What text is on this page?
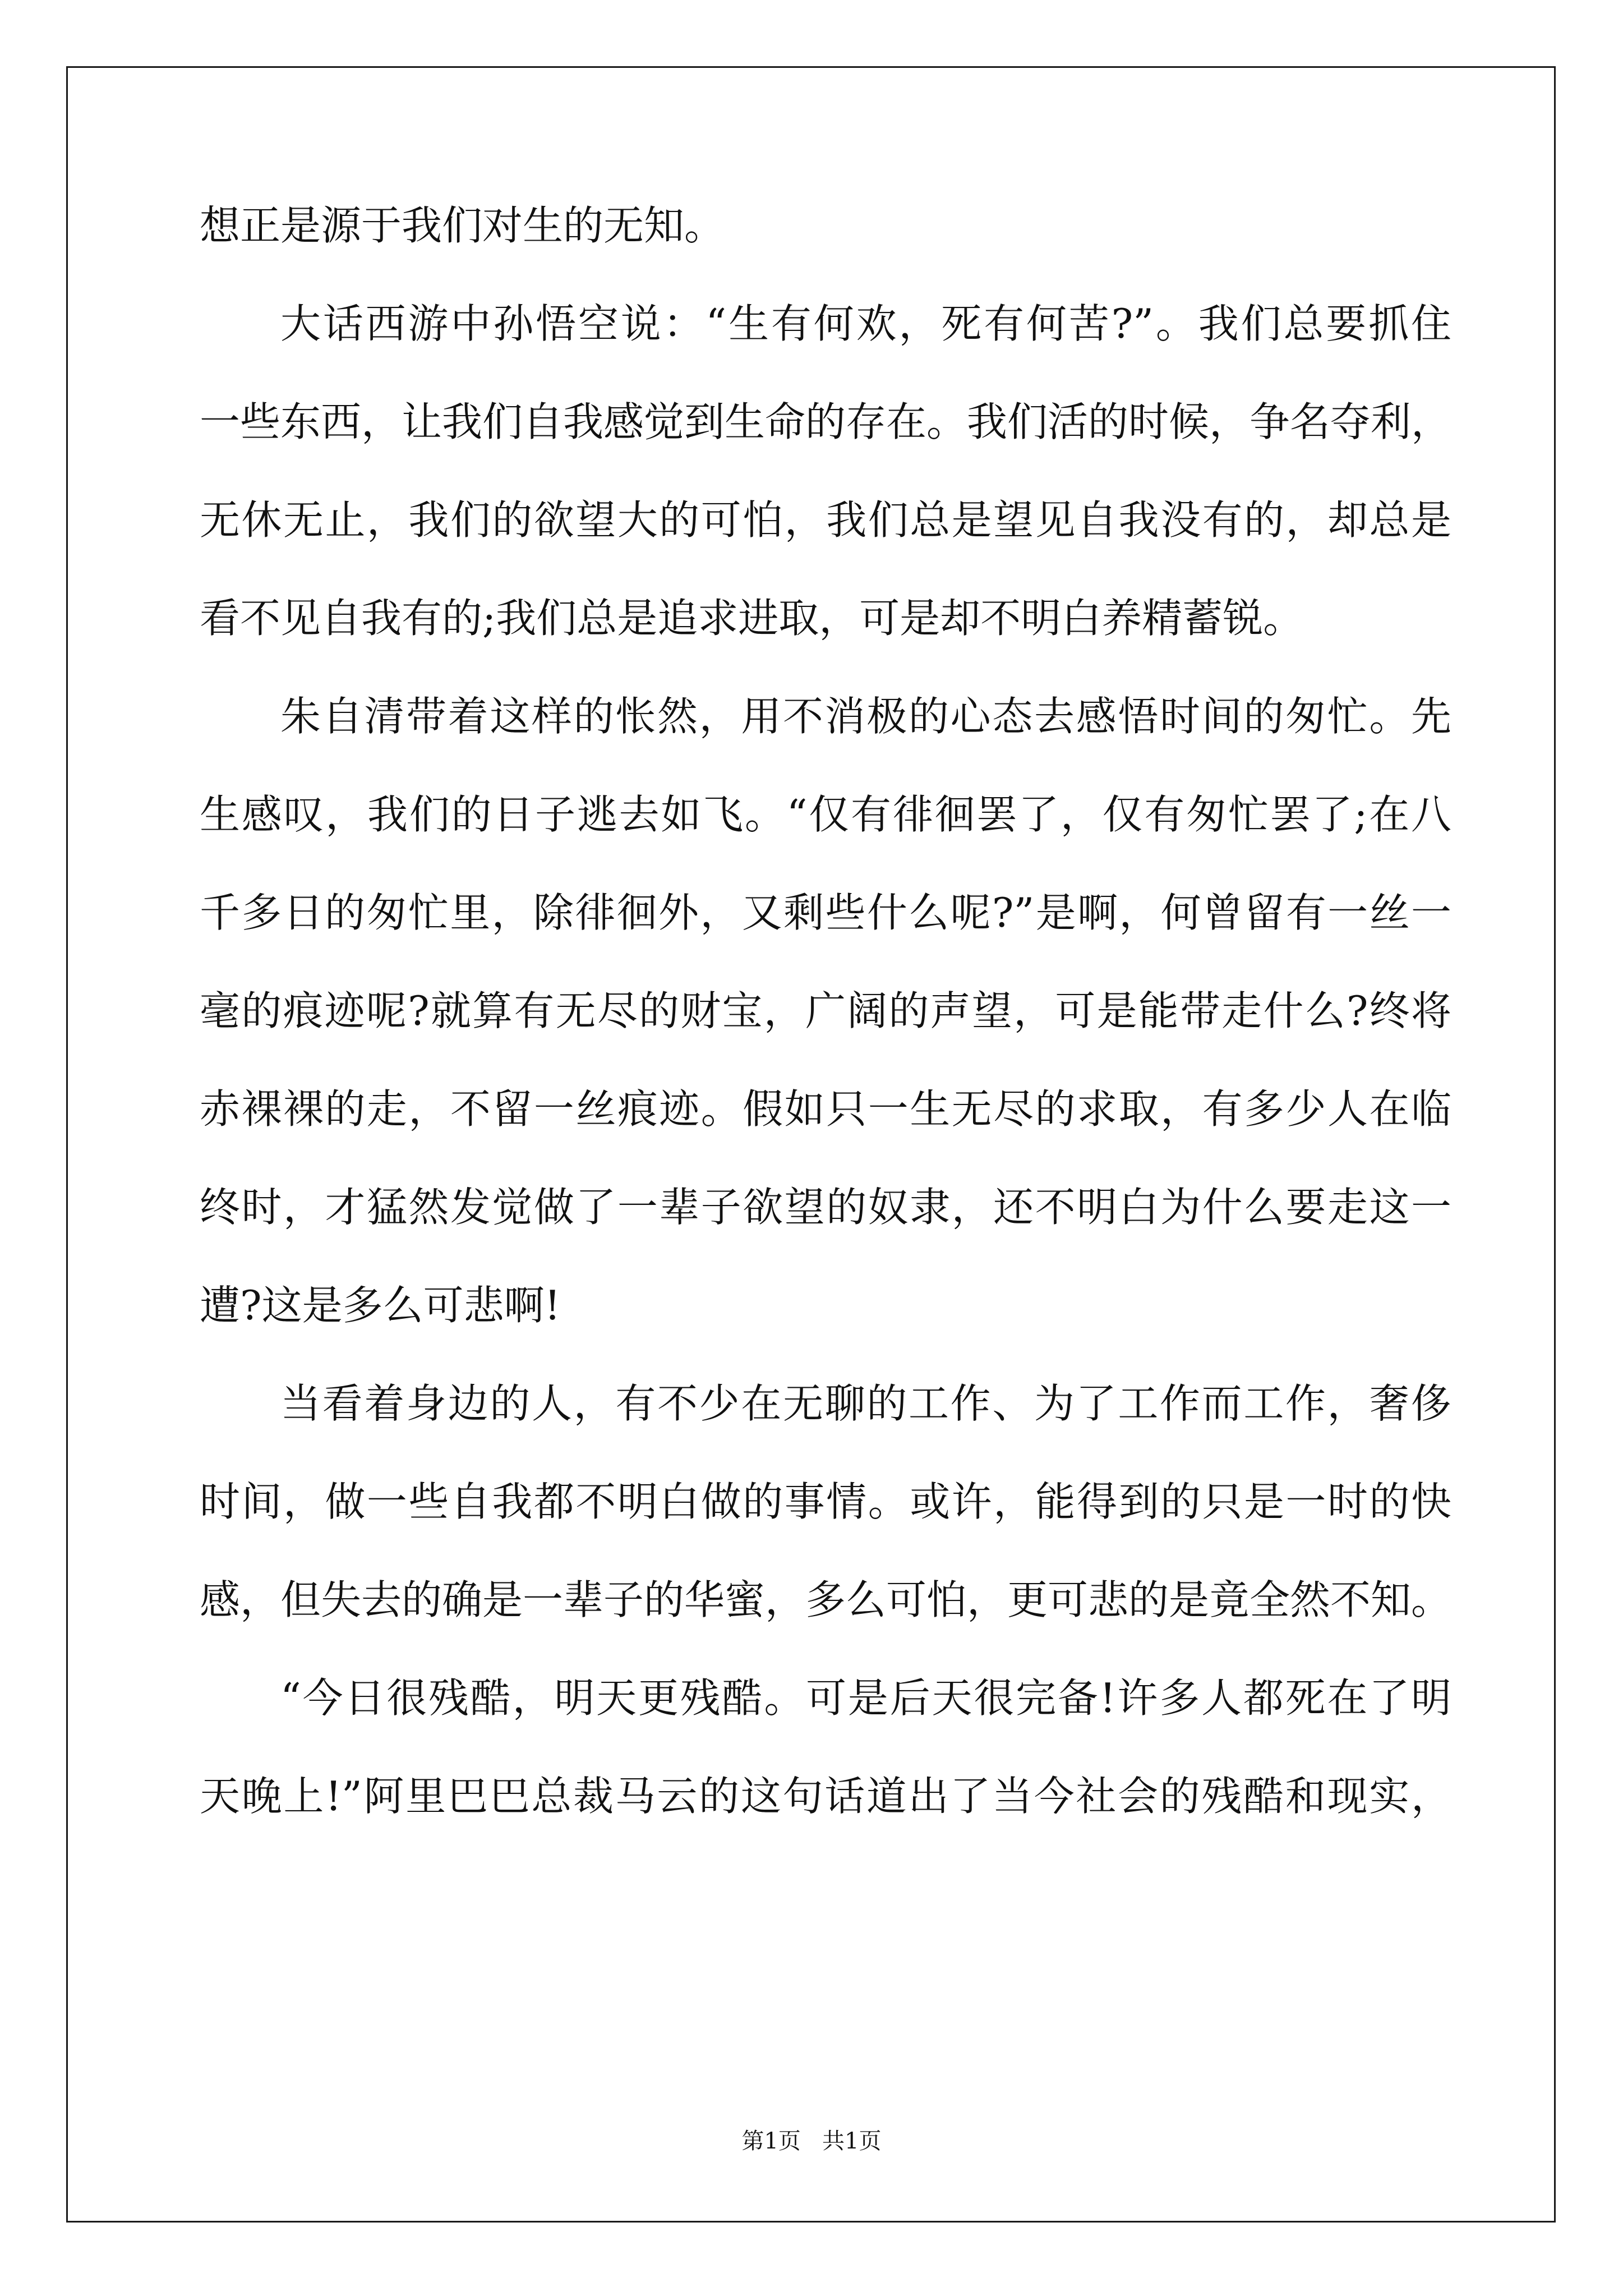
想正是源于我们对生的无知。
大话西游中孙悟空说：“生有何欢，死有何苦?”。我们总要抓住
一些东西，让我们自我感觉到生命的存在。我们活的时候，争名夺利，
无休无止，我们的欲望大的可怕，我们总是望见自我没有的，却总是
看不见自我有的;我们总是追求进取，可是却不明白养精蓄锐。
朱自清带着这样的怅然，用不消极的心态去感悟时间的匆忙。先
生感叹，我们的日子逃去如飞。“仅有徘徊罢了，仅有匆忙罢了;在八
千多日的匆忙里，除徘徊外，又剩些什么呢?”是啊，何曾留有一丝一
毫的痕迹呢?就算有无尽的财宝，广阔的声望，可是能带走什么?终将
赤裸裸的走，不留一丝痕迹。假如只一生无尽的求取，有多少人在临
终时，才猛然发觉做了一辈子欲望的奴隶，还不明白为什么要走这一
遭?这是多么可悲啊!
当看着身边的人，有不少在无聊的工作、为了工作而工作，奢侈
时间，做一些自我都不明白做的事情。或许，能得到的只是一时的快
感，但失去的确是一辈子的华蜜，多么可怕，更可悲的是竟全然不知。
“今日很残酷，明天更残酷。可是后天很完备!许多人都死在了明
天晚上!”阿里巴巴总裁马云的这句话道出了当今社会的残酷和现实，
第1页   共1页
